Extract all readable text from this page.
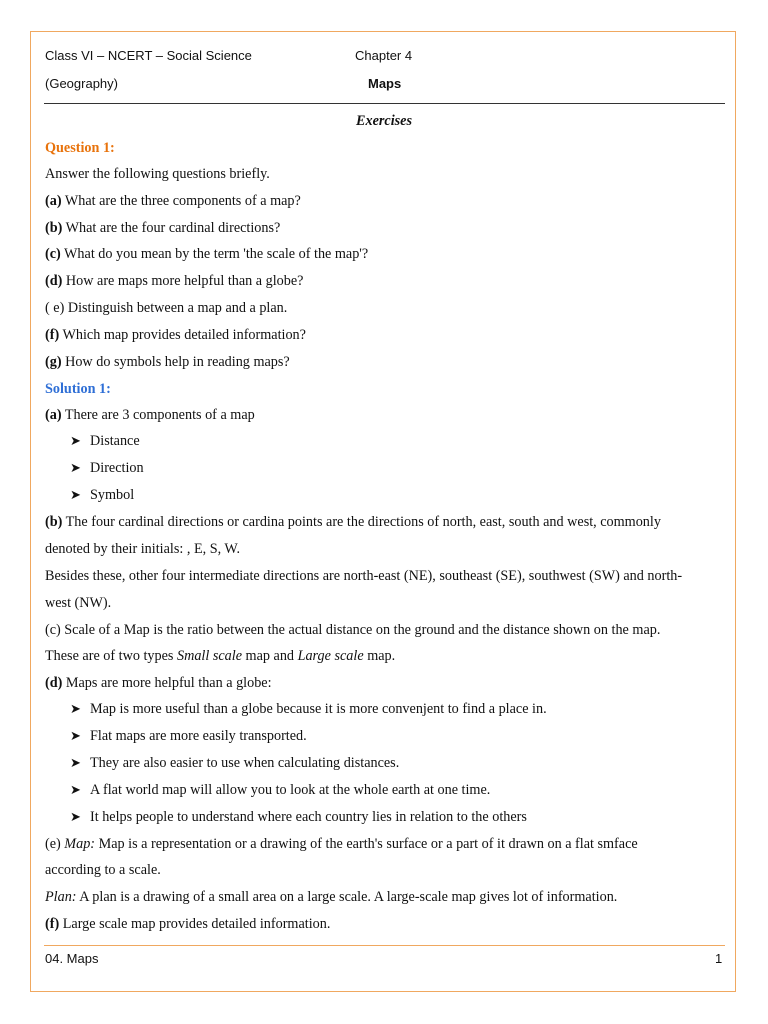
Class VI – NCERT – Social Science
(Geography)
Chapter 4
Maps
Exercises
Question 1:
Answer the following questions briefly.
(a) What are the three components of a map?
(b) What are the four cardinal directions?
(c) What do you mean by the term 'the scale of the map'?
(d) How are maps more helpful than a globe?
( e) Distinguish between a map and a plan.
(f) Which map provides detailed information?
(g) How do symbols help in reading maps?
Solution 1:
(a) There are 3 components of a map
➤ Distance
➤ Direction
➤ Symbol
(b) The four cardinal directions or cardina points are the directions of north, east, south and west, commonly
denoted by their initials: , E, S, W.
Besides these, other four intermediate directions are north-east (NE), southeast (SE), southwest (SW) and north-
west (NW).
(c) Scale of a Map is the ratio between the actual distance on the ground and the distance shown on the map.
These are of two types Small scale map and Large scale map.
(d) Maps are more helpful than a globe:
➤ Map is more useful than a globe because it is more convenjent to find a place in.
➤ Flat maps are more easily transported.
➤ They are also easier to use when calculating distances.
➤ A flat world map will allow you to look at the whole earth at one time.
➤ It helps people to understand where each country lies in relation to the others
(e) Map: Map is a representation or a drawing of the earth's surface or a part of it drawn on a flat smface
according to a scale.
Plan: A plan is a drawing of a small area on a large scale. A large-scale map gives lot of information.
(f) Large scale map provides detailed information.
04. Maps	1
